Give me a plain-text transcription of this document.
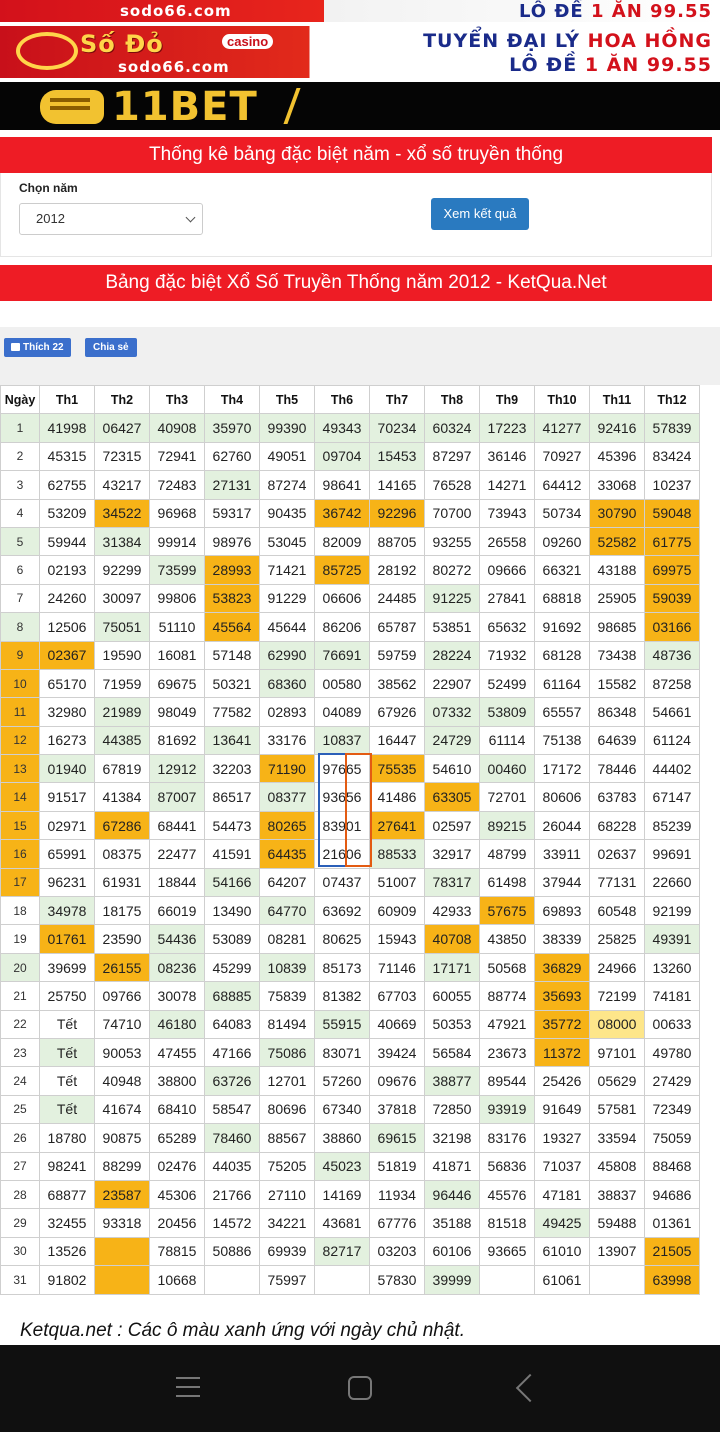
sodo66.com	LÔ ĐỀ 1 ĂN 99.55
Số Đỏ	casino
sodo66.com
TUYỂN ĐẠI LÝ HOA HỒNG
LÔ ĐỀ 1 ĂN 99.55
11BET
Thống kê bảng đặc biệt năm - xổ số truyền thống
Chọn năm
2012	Xem kết quả
Bảng đặc biệt Xổ Số Truyền Thống năm 2012 - KetQua.Net
Thích 22	Chia sẻ
Ngày	Th1	Th2	Th3	Th4	Th5	Th6	Th7	Th8	Th9	Th10	Th11	Th12
1	41998	06427	40908	35970	99390	49343	70234	60324	17223	41277	92416	57839
2	45315	72315	72941	62760	49051	09704	15453	87297	36146	70927	45396	83424
3	62755	43217	72483	27131	87274	98641	14165	76528	14271	64412	33068	10237
4	53209	34522	96968	59317	90435	36742	92296	70700	73943	50734	30790	59048
5	59944	31384	99914	98976	53045	82009	88705	93255	26558	09260	52582	61775
6	02193	92299	73599	28993	71421	85725	28192	80272	09666	66321	43188	69975
7	24260	30097	99806	53823	91229	06606	24485	91225	27841	68818	25905	59039
8	12506	75051	51110	45564	45644	86206	65787	53851	65632	91692	98685	03166
9	02367	19590	16081	57148	62990	76691	59759	28224	71932	68128	73438	48736
10	65170	71959	69675	50321	68360	00580	38562	22907	52499	61164	15582	87258
11	32980	21989	98049	77582	02893	04089	67926	07332	53809	65557	86348	54661
12	16273	44385	81692	13641	33176	10837	16447	24729	61114	75138	64639	61124
13	01940	67819	12912	32203	71190	97665	75535	54610	00460	17172	78446	44402
14	91517	41384	87007	86517	08377	93656	41486	63305	72701	80606	63783	67147
15	02971	67286	68441	54473	80265	83901	27641	02597	89215	26044	68228	85239
16	65991	08375	22477	41591	64435	21606	88533	32917	48799	33911	02637	99691
17	96231	61931	18844	54166	64207	07437	51007	78317	61498	37944	77131	22660
18	34978	18175	66019	13490	64770	63692	60909	42933	57675	69893	60548	92199
19	01761	23590	54436	53089	08281	80625	15943	40708	43850	38339	25825	49391
20	39699	26155	08236	45299	10839	85173	71146	17171	50568	36829	24966	13260
21	25750	09766	30078	68885	75839	81382	67703	60055	88774	35693	72199	74181
22	Tết	74710	46180	64083	81494	55915	40669	50353	47921	35772	08000	00633
23	Tết	90053	47455	47166	75086	83071	39424	56584	23673	11372	97101	49780
24	Tết	40948	38800	63726	12701	57260	09676	38877	89544	25426	05629	27429
25	Tết	41674	68410	58547	80696	67340	37818	72850	93919	91649	57581	72349
26	18780	90875	65289	78460	88567	38860	69615	32198	83176	19327	33594	75059
27	98241	88299	02476	44035	75205	45023	51819	41871	56836	71037	45808	88468
28	68877	23587	45306	21766	27110	14169	11934	96446	45576	47181	38837	94686
29	32455	93318	20456	14572	34221	43681	67776	35188	81518	49425	59488	01361
30	13526		78815	50886	69939	82717	03203	60106	93665	61010	13907	21505
31	91802		10668		75997		57830	39999		61061		63998
Ketqua.net : Các ô màu xanh ứng với ngày chủ nhật.
